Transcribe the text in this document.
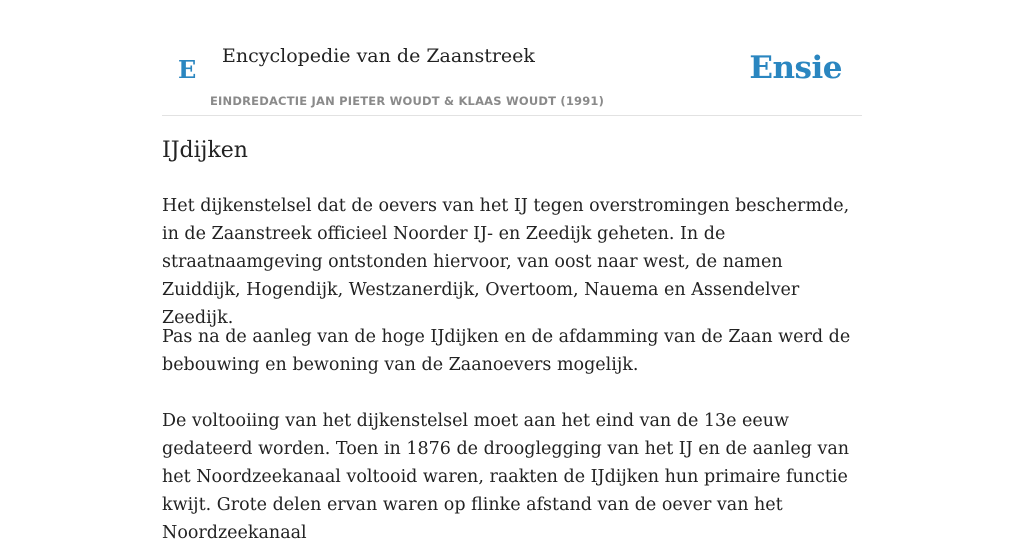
E Encyclopedie van de Zaanstreek	Ensie
EINDREDACTIE JAN PIETER WOUDT & KLAAS WOUDT (1991)
IJdijken

Het dijkenstelsel dat de oevers van het IJ tegen overstromingen beschermde, in de Zaanstreek officieel Noorder IJ- en Zeedijk geheten. In de straatnaamgeving ontstonden hiervoor, van oost naar west, de namen Zuiddijk, Hogendijk, Westzanerdijk, Overtoom, Nauema en Assendelver Zeedijk.

Pas na de aanleg van de hoge IJdijken en de afdamming van de Zaan werd de bebouwing en bewoning van de Zaanoevers mogelijk.

De voltooiing van het dijkenstelsel moet aan het eind van de 13e eeuw gedateerd worden. Toen in 1876 de drooglegging van het IJ en de aanleg van het Noordzeekanaal voltooid waren, raakten de IJdijken hun primaire functie kwijt. Grote delen ervan waren op flinke afstand van de oever van het Noordzeekanaal
